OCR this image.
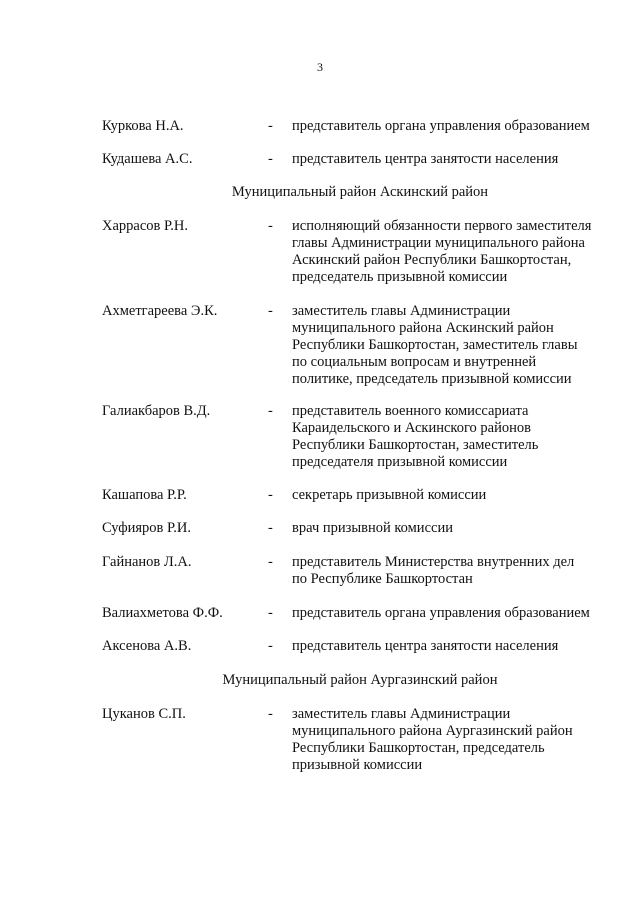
3
Куркова Н.А.	- представитель органа управления образованием
Кудашева А.С.	- представитель центра занятости населения
Муниципальный район Аскинский район
Харрасов Р.Н.	- исполняющий обязанности первого заместителя
главы Администрации муниципального района
Аскинский район Республики Башкортостан,
председатель призывной комиссии
Ахметгареева Э.К.	- заместитель главы Администрации
муниципального района Аскинский район
Республики Башкортостан, заместитель главы
по социальным вопросам и внутренней
политике, председатель призывной комиссии
Галиакбаров В.Д.	- представитель военного комиссариата
Караидельского и Аскинского районов
Республики Башкортостан, заместитель
председателя призывной комиссии
Кашапова Р.Р.	- секретарь призывной комиссии
Суфияров Р.И.	- врач призывной комиссии
Гайнанов Л.А.	- представитель Министерства внутренних дел
по Республике Башкортостан
Валиахметова Ф.Ф.	- представитель органа управления образованием
Аксенова А.В.	- представитель центра занятости населения
Муниципальный район Аургазинский район
Цуканов С.П.	- заместитель главы Администрации
муниципального района Аургазинский район
Республики Башкортостан, председатель
призывной комиссии
